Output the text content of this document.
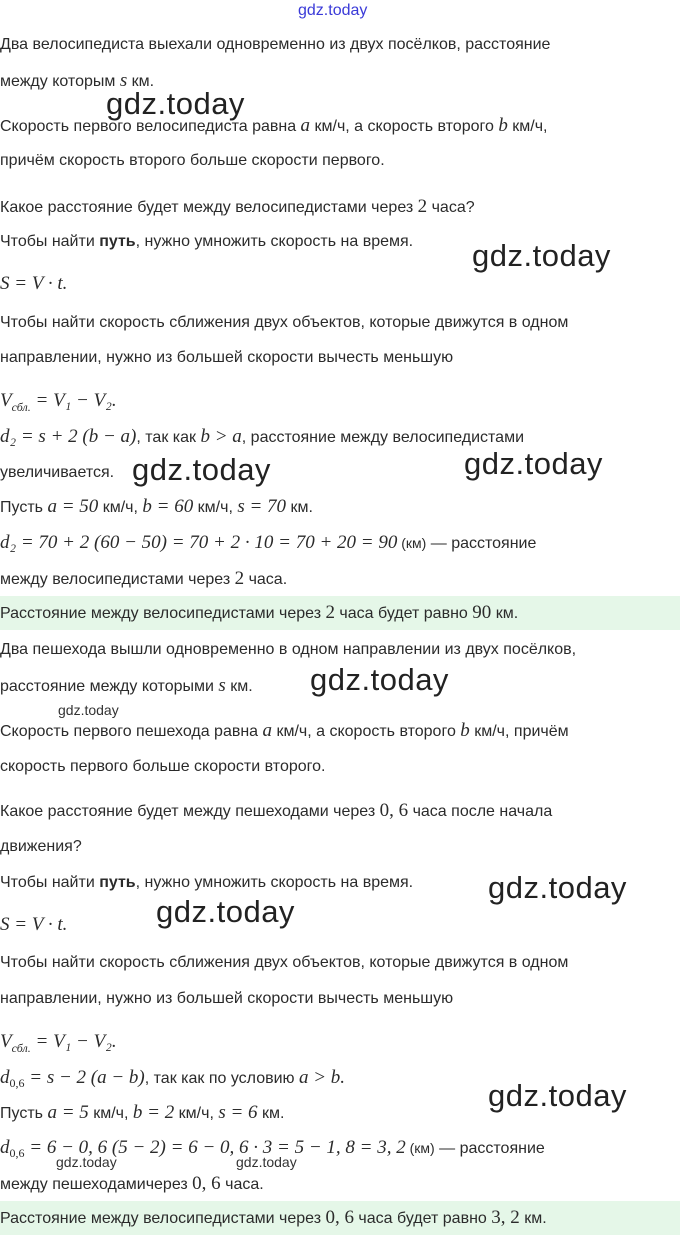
gdz.today
Два велосипедиста выехали одновременно из двух посёлков, расстояние
между которым s км.
Скорость первого велосипедиста равна a км/ч, а скорость второго b км/ч,
причём скорость второго больше скорости первого.
Какое расстояние будет между велосипедистами через 2 часа?
Чтобы найти путь, нужно умножить скорость на время.
S = V · t.
Чтобы найти скорость сближения двух объектов, которые движутся в одном
направлении, нужно из большей скорости вычесть меньшую
$V_{сбл.} = V_1 - V_2$.
d₂ = s + 2 (b − a), так как b > a, расстояние между велосипедистами
увеличивается.
Пусть a = 50 км/ч, b = 60 км/ч, s = 70 км.
d₂ = 70 + 2 (60 − 50) = 70 + 2 · 10 = 70 + 20 = 90 (км) — расстояние
между велосипедистами через 2 часа.
Расстояние между велосипедистами через 2 часа будет равно 90 км.
Два пешехода вышли одновременно в одном направлении из двух посёлков,
расстояние между которыми s км.
Скорость первого пешехода равна a км/ч, а скорость второго b км/ч, причём
скорость первого больше скорости второго.
Какое расстояние будет между пешеходами через 0, 6 часа после начала
движения?
Чтобы найти путь, нужно умножить скорость на время.
S = V · t.
Чтобы найти скорость сближения двух объектов, которые движутся в одном
направлении, нужно из большей скорости вычесть меньшую
$V_{сбл.} = V_1 - V_2$.
$d_{0,6} = s - 2$ (a − b), так как по условию a > b.
Пусть a = 5 км/ч, b = 2 км/ч, s = 6 км.
$d_{0,6} = 6 - 0$, 6 (5 − 2) = 6 − 0, 6 · 3 = 5 − 1, 8 = 3, 2 (км) — расстояние
между пешеходамичерез 0, 6 часа.
Расстояние между велосипедистами через 0, 6 часа будет равно 3, 2 км.
gdz.today
gdz.today
gdz.today	gdz.today
gdz.today
gdz.today
gdz.today
gdz.today
gdz.today
gdz.today	gdz.today
